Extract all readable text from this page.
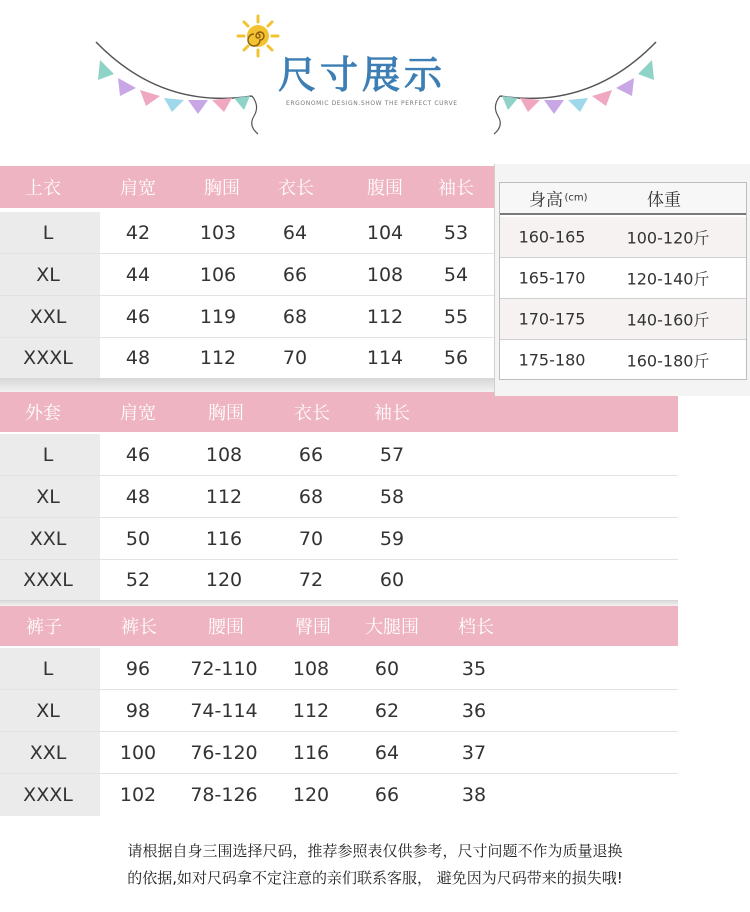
尺寸展示
ERGONOMIC DESIGN.SHOW THE PERFECT CURVE
上衣	肩宽	胸围 衣长	腹围 袖长
L	42	103 64	104 53
XL	44	106 66	108 54
XXL	46	119 68	112 55
XXXL	48	112 70	114 56
外套	肩宽	胸围	衣长 袖长
L	46	108	66	57
XL	48	112	68	58
XXL	50	116	70	59
XXXL	52	120	72	60
裤子	裤长	腰围	臀围 大腿围 档长
L	96 72-110 108 60	35
XL	98 74-114 112 62	36
XXL	100 76-120 116 64	37
XXXL 102 78-126 120 66	38
身高 (cm)	体重
160-165	100-120斤
165-170	120-140斤
170-175	140-160斤
175-180	160-180斤
请根据自身三围选择尺码，推荐参照表仅供参考，尺寸问题不作为质量退换
的依据,如对尺码拿不定注意的亲们联系客服， 避免因为尺码带来的损失哦!
